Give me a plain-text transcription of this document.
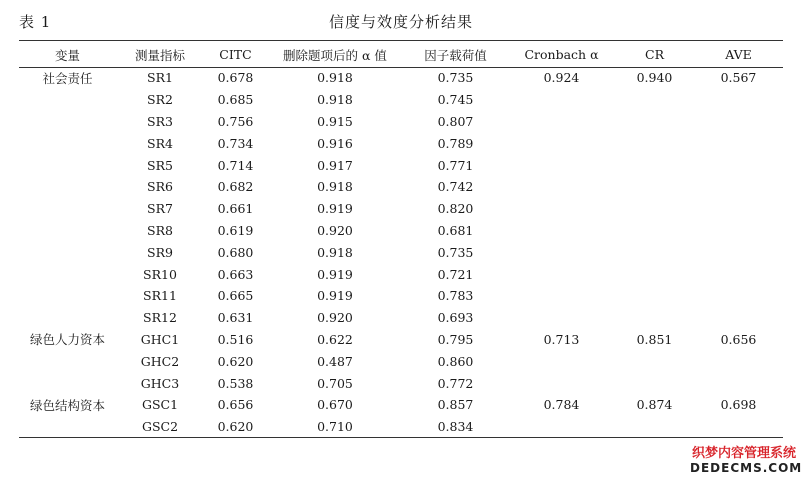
表 1	信度与效度分析结果
变量	测量指标	CITC	删除题项后的 α 值	因子载荷值	Cronbach α	CR	AVE
社会责任	SR1	0.678	0.918	0.735	0.924	0.940	0.567
	SR2	0.685	0.918	0.745			
	SR3	0.756	0.915	0.807			
	SR4	0.734	0.916	0.789			
	SR5	0.714	0.917	0.771			
	SR6	0.682	0.918	0.742			
	SR7	0.661	0.919	0.820			
	SR8	0.619	0.920	0.681			
	SR9	0.680	0.918	0.735			
	SR10	0.663	0.919	0.721			
	SR11	0.665	0.919	0.783			
	SR12	0.631	0.920	0.693			
绿色人力资本	GHC1	0.516	0.622	0.795	0.713	0.851	0.656
	GHC2	0.620	0.487	0.860			
	GHC3	0.538	0.705	0.772			
绿色结构资本	GSC1	0.656	0.670	0.857	0.784	0.874	0.698
	GSC2	0.620	0.710	0.834			
织梦内容管理系统
DEDECMS.COM
